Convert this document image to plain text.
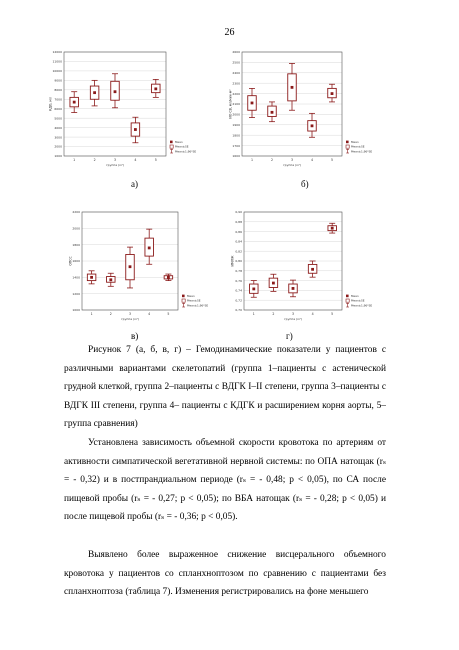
26
12000
11000
10000
9000
8000
7000
6000
5000
4000
3000
2000
1000
КДО, мл
1	2	3	4	5
группа (n?)
Mean
Mean±SE
Mean±1,96*SE
2600
2500
2400
2300
2200
2100
2000
1900
1800
1700
1600
ИО СВ, мл/мин·м²
1	2	3	4	5
группа (n?)
Mean
Mean±SE
Mean±1,96*SE
2200
2000
1800
1600
1400
1200
1000
ОПСС
1	2	3	4	5
группа (n?)
Mean
Mean±SE
Mean±1,96*SE
0,90
0,88
0,86
0,84
0,82
0,80
0,78
0,76
0,74
0,72
0,70
ИМЛЖ
1	2	3	4	5
группа (n?)
Mean
Mean±SE
Mean±1,96*SE
а)	б)
в)	г)

Рисунок 7 (а, б, в, г) – Гемодинамические показатели у пациентов с различными вариантами скелетопатий (группа 1–пациенты с астенической грудной клеткой, группа 2–пациенты с ВДГК I–II степени, группа 3–пациенты с ВДГК III степени, группа 4– пациенты с КДГК и расширением корня аорты, 5– группа сравнения)

Установлена зависимость объемной скорости кровотока по артериям от активности симпатической вегетативной нервной системы: по ОПА натощак (rₛ = - 0,32) и в постпрандиальном периоде (rₛ = - 0,48; р < 0,05), по СА после пищевой пробы (rₛ = - 0,27; р < 0,05); по ВБА натощак (rₛ = - 0,28; р < 0,05) и после пищевой пробы (rₛ = - 0,36; р < 0,05).

Выявлено более выраженное снижение висцерального объемного кровотока у пациентов со спланхноптозом по сравнению с пациентами без спланхноптоза (таблица 7). Изменения регистрировались на фоне меньшего
